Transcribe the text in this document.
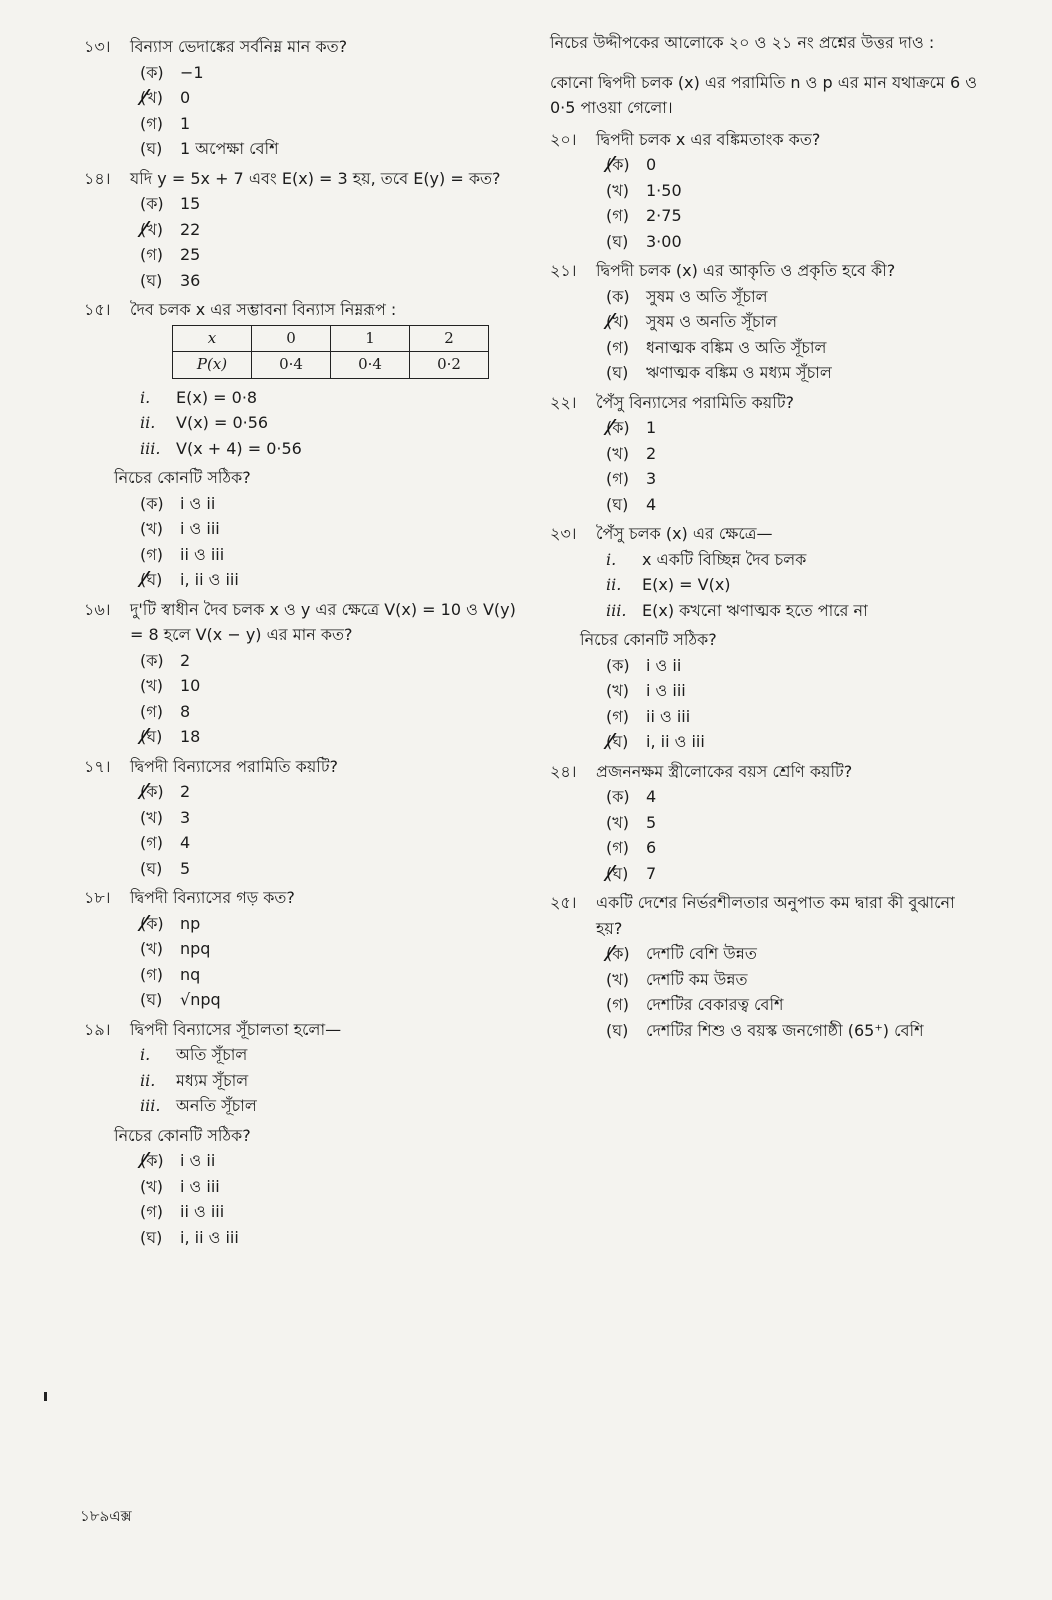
১৩।	বিন্যাস ভেদাঙ্কের সর্বনিম্ন মান কত?
(ক)	−1
(খ)	0
(গ)	1
(ঘ)	1 অপেক্ষা বেশি
১৪।	যদি y = 5x + 7 এবং E(x) = 3 হয়, তবে E(y) = কত?
(ক)	15
(খ)	22
(গ)	25
(ঘ)	36
১৫।	দৈব চলক x এর সম্ভাবনা বিন্যাস নিম্নরূপ :
x	0	1	2
P(x)	0·4	0·4	0·2
i.	E(x) = 0·8
ii.	V(x) = 0·56
iii. V(x + 4) = 0·56
নিচের কোনটি সঠিক?
(ক)	i ও ii
(খ)	i ও iii
(গ)	ii ও iii
(ঘ)	i, ii ও iii
১৬।	দু'টি স্বাধীন দৈব চলক x ও y এর ক্ষেত্রে V(x) = 10 ও V(y) = 8 হলে V(x − y) এর মান কত?
(ক)	2
(খ)	10
(গ)	8
(ঘ)	18
১৭।	দ্বিপদী বিন্যাসের পরামিতি কয়টি?
(ক)	2
(খ)	3
(গ)	4
(ঘ)	5
১৮।	দ্বিপদী বিন্যাসের গড় কত?
(ক)	np
(খ)	npq
(গ)	nq
(ঘ)	√npq
১৯।	দ্বিপদী বিন্যাসের সূঁচালতা হলো—
i.	অতি সূঁচাল
ii.	মধ্যম সূঁচাল
iii. অনতি সূঁচাল
নিচের কোনটি সঠিক?
(ক)	i ও ii
(খ)	i ও iii
(গ)	ii ও iii
(ঘ)	i, ii ও iii
নিচের উদ্দীপকের আলোকে ২০ ও ২১ নং প্রশ্নের উত্তর দাও :
কোনো দ্বিপদী চলক (x) এর পরামিতি n ও p এর মান যথাক্রমে 6 ও 0·5 পাওয়া গেলো।
২০।	দ্বিপদী চলক x এর বঙ্কিমতাংক কত?
(ক)	0
(খ)	1·50
(গ)	2·75
(ঘ)	3·00
২১।	দ্বিপদী চলক (x) এর আকৃতি ও প্রকৃতি হবে কী?
(ক)	সুষম ও অতি সূঁচাল
(খ)	সুষম ও অনতি সূঁচাল
(গ)	ধনাত্মক বঙ্কিম ও অতি সূঁচাল
(ঘ)	ঋণাত্মক বঙ্কিম ও মধ্যম সূঁচাল
২২।	পৈঁসু বিন্যাসের পরামিতি কয়টি?
(ক)	1
(খ)	2
(গ)	3
(ঘ)	4
২৩।	পৈঁসু চলক (x) এর ক্ষেত্রে—
i.	x একটি বিচ্ছিন্ন দৈব চলক
ii.	E(x) = V(x)
iii. E(x) কখনো ঋণাত্মক হতে পারে না
নিচের কোনটি সঠিক?
(ক)	i ও ii
(খ)	i ও iii
(গ)	ii ও iii
(ঘ)	i, ii ও iii
২৪।	প্রজননক্ষম স্ত্রীলোকের বয়স শ্রেণি কয়টি?
(ক)	4
(খ)	5
(গ)	6
(ঘ)	7
২৫।	একটি দেশের নির্ভরশীলতার অনুপাত কম দ্বারা কী বুঝানো হয়?
(ক)	দেশটি বেশি উন্নত
(খ)	দেশটি কম উন্নত
(গ)	দেশটির বেকারত্ব বেশি
(ঘ)	দেশটির শিশু ও বয়স্ক জনগোষ্ঠী (65⁺) বেশি
১৮৯এক্স
